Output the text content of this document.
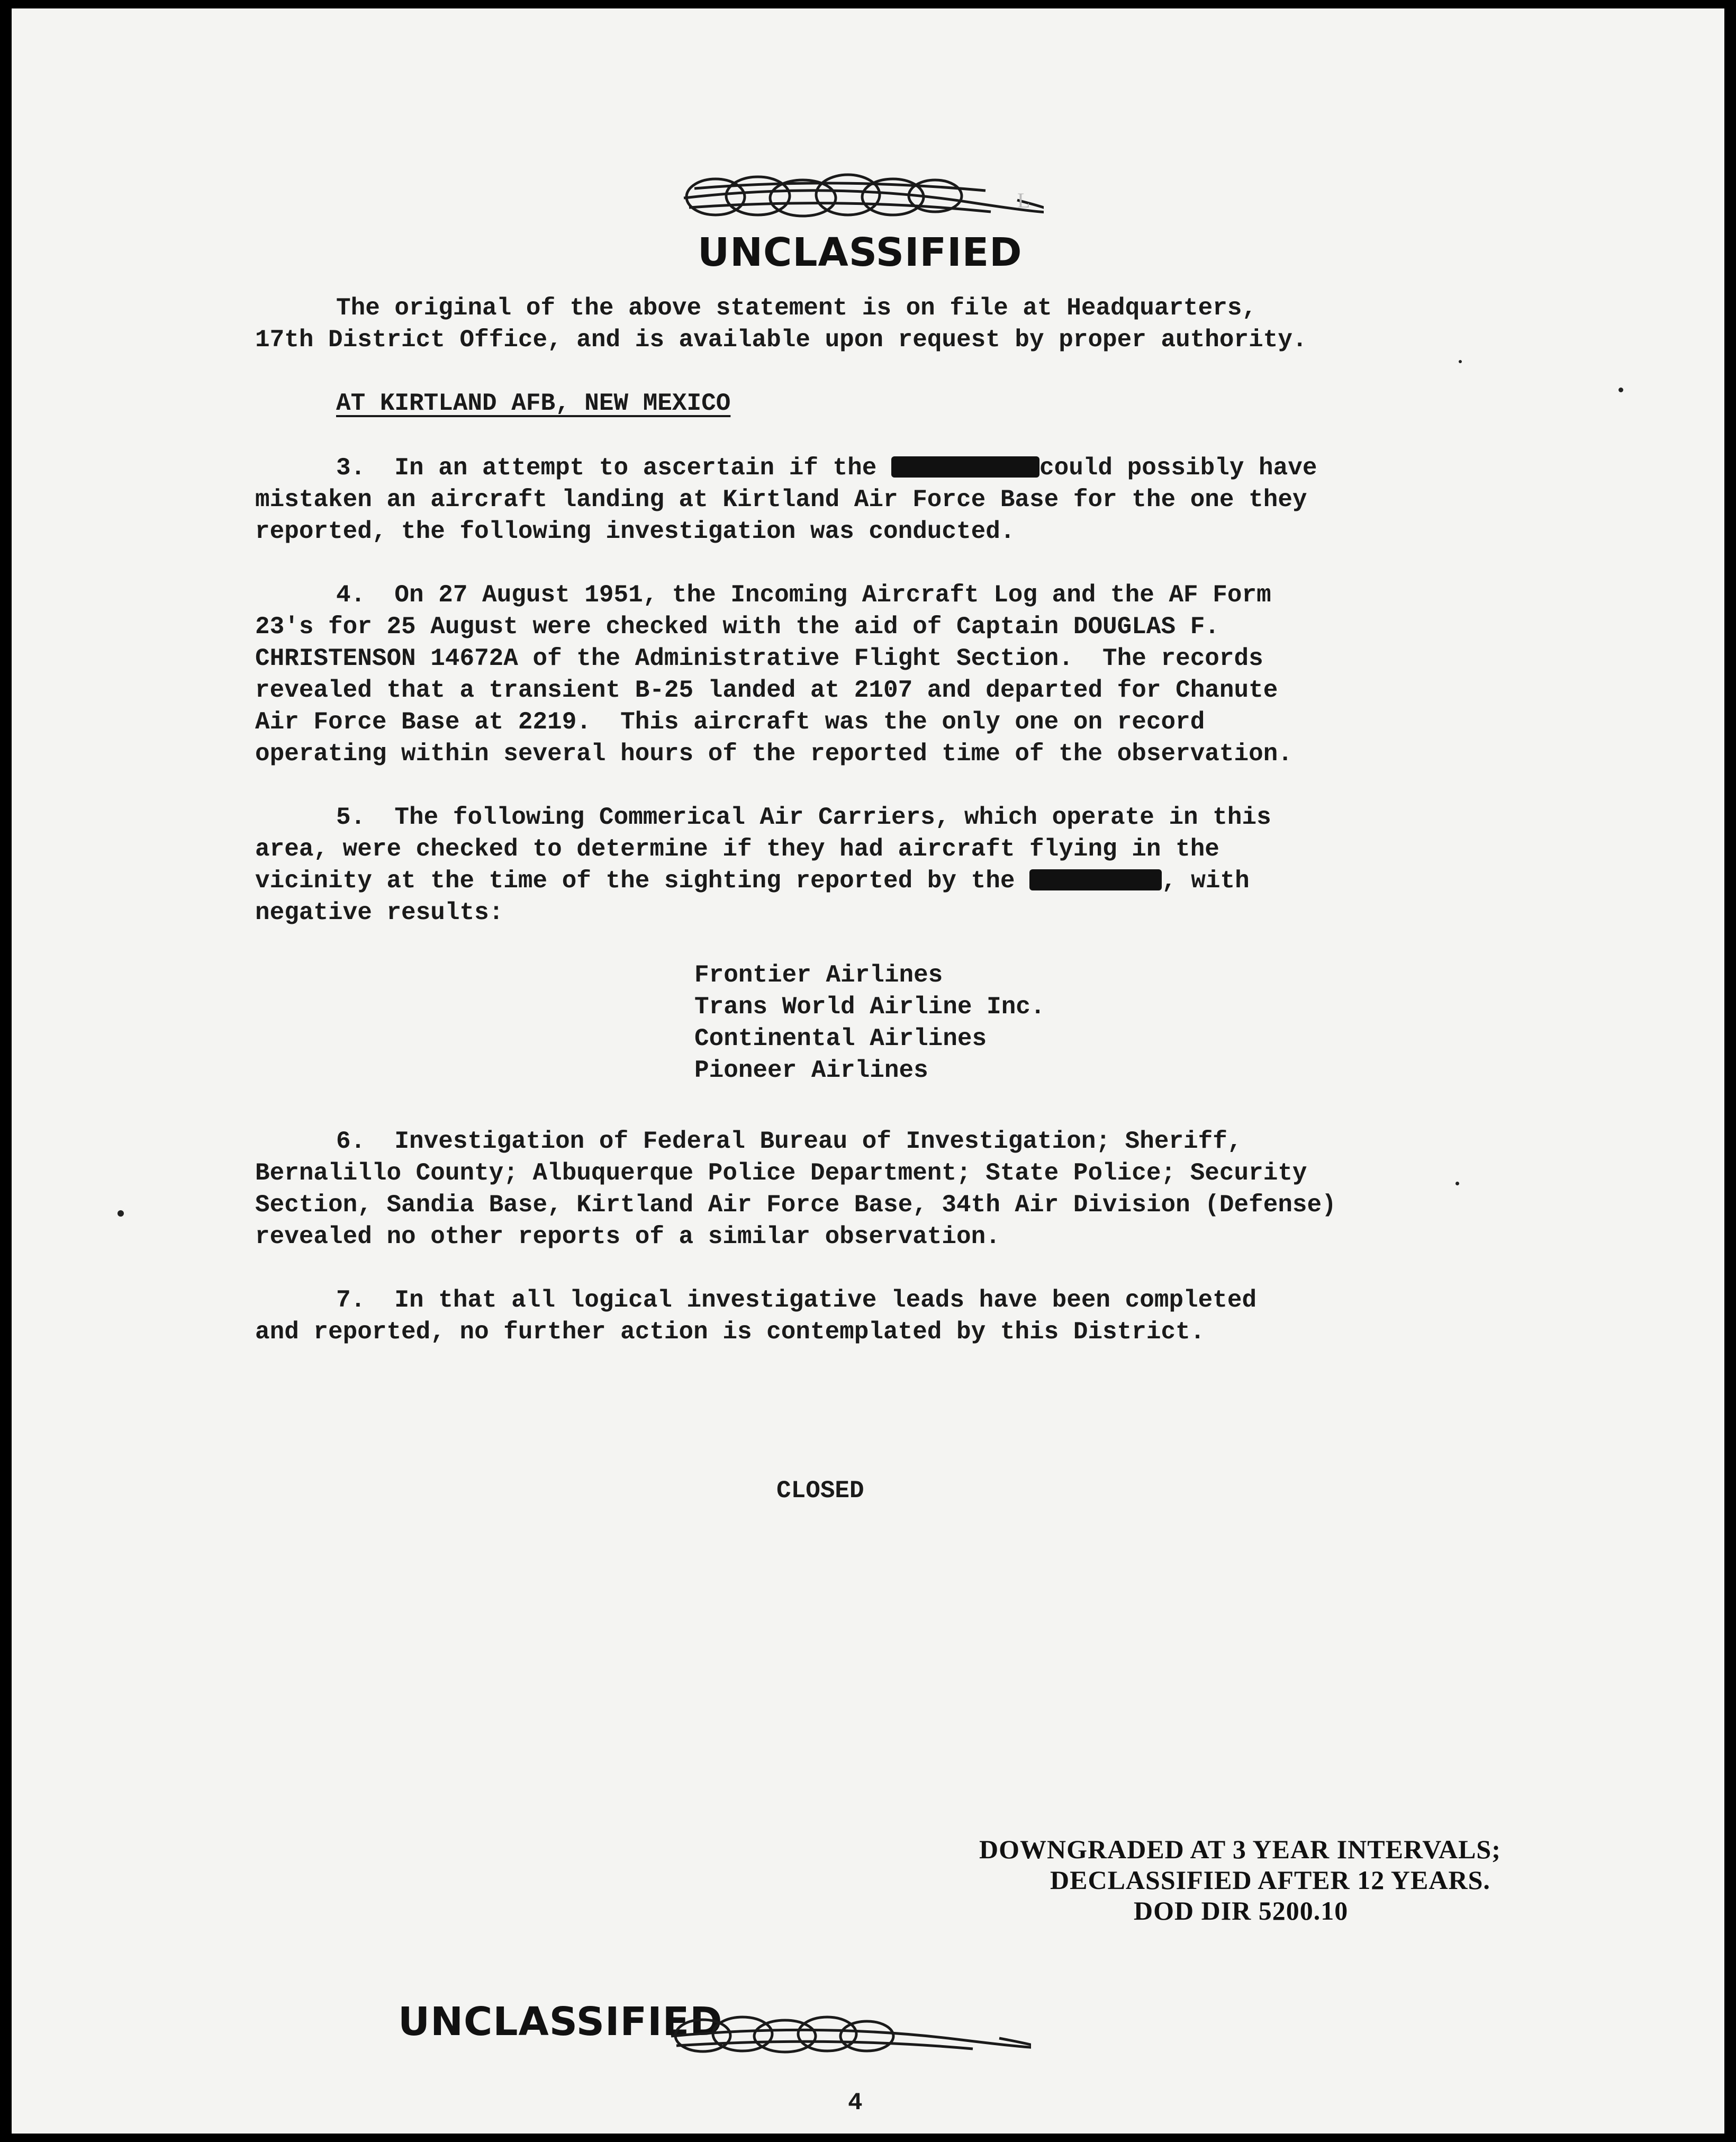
L
UNCLASSIFIED
The original of the above statement is on file at Headquarters,
17th District Office, and is available upon request by proper authority.
AT KIRTLAND AFB, NEW MEXICO
3.  In an attempt to ascertain if the	could possibly have
mistaken an aircraft landing at Kirtland Air Force Base for the one they
reported, the following investigation was conducted.
4.  On 27 August 1951, the Incoming Aircraft Log and the AF Form
23's for 25 August were checked with the aid of Captain DOUGLAS F.
CHRISTENSON 14672A of the Administrative Flight Section.  The records
revealed that a transient B-25 landed at 2107 and departed for Chanute
Air Force Base at 2219.  This aircraft was the only one on record
operating within several hours of the reported time of the observation.
5.  The following Commerical Air Carriers, which operate in this
area, were checked to determine if they had aircraft flying in the
vicinity at the time of the sighting reported by the	, with
negative results:
Frontier Airlines
Trans World Airline Inc.
Continental Airlines
Pioneer Airlines
6.  Investigation of Federal Bureau of Investigation; Sheriff,
Bernalillo County; Albuquerque Police Department; State Police; Security
Section, Sandia Base, Kirtland Air Force Base, 34th Air Division (Defense)
revealed no other reports of a similar observation.
7.  In that all logical investigative leads have been completed
and reported, no further action is contemplated by this District.
CLOSED
DOWNGRADED AT 3 YEAR INTERVALS;
DECLASSIFIED AFTER 12 YEARS.
DOD DIR 5200.10
UNCLASSIFIED
4
